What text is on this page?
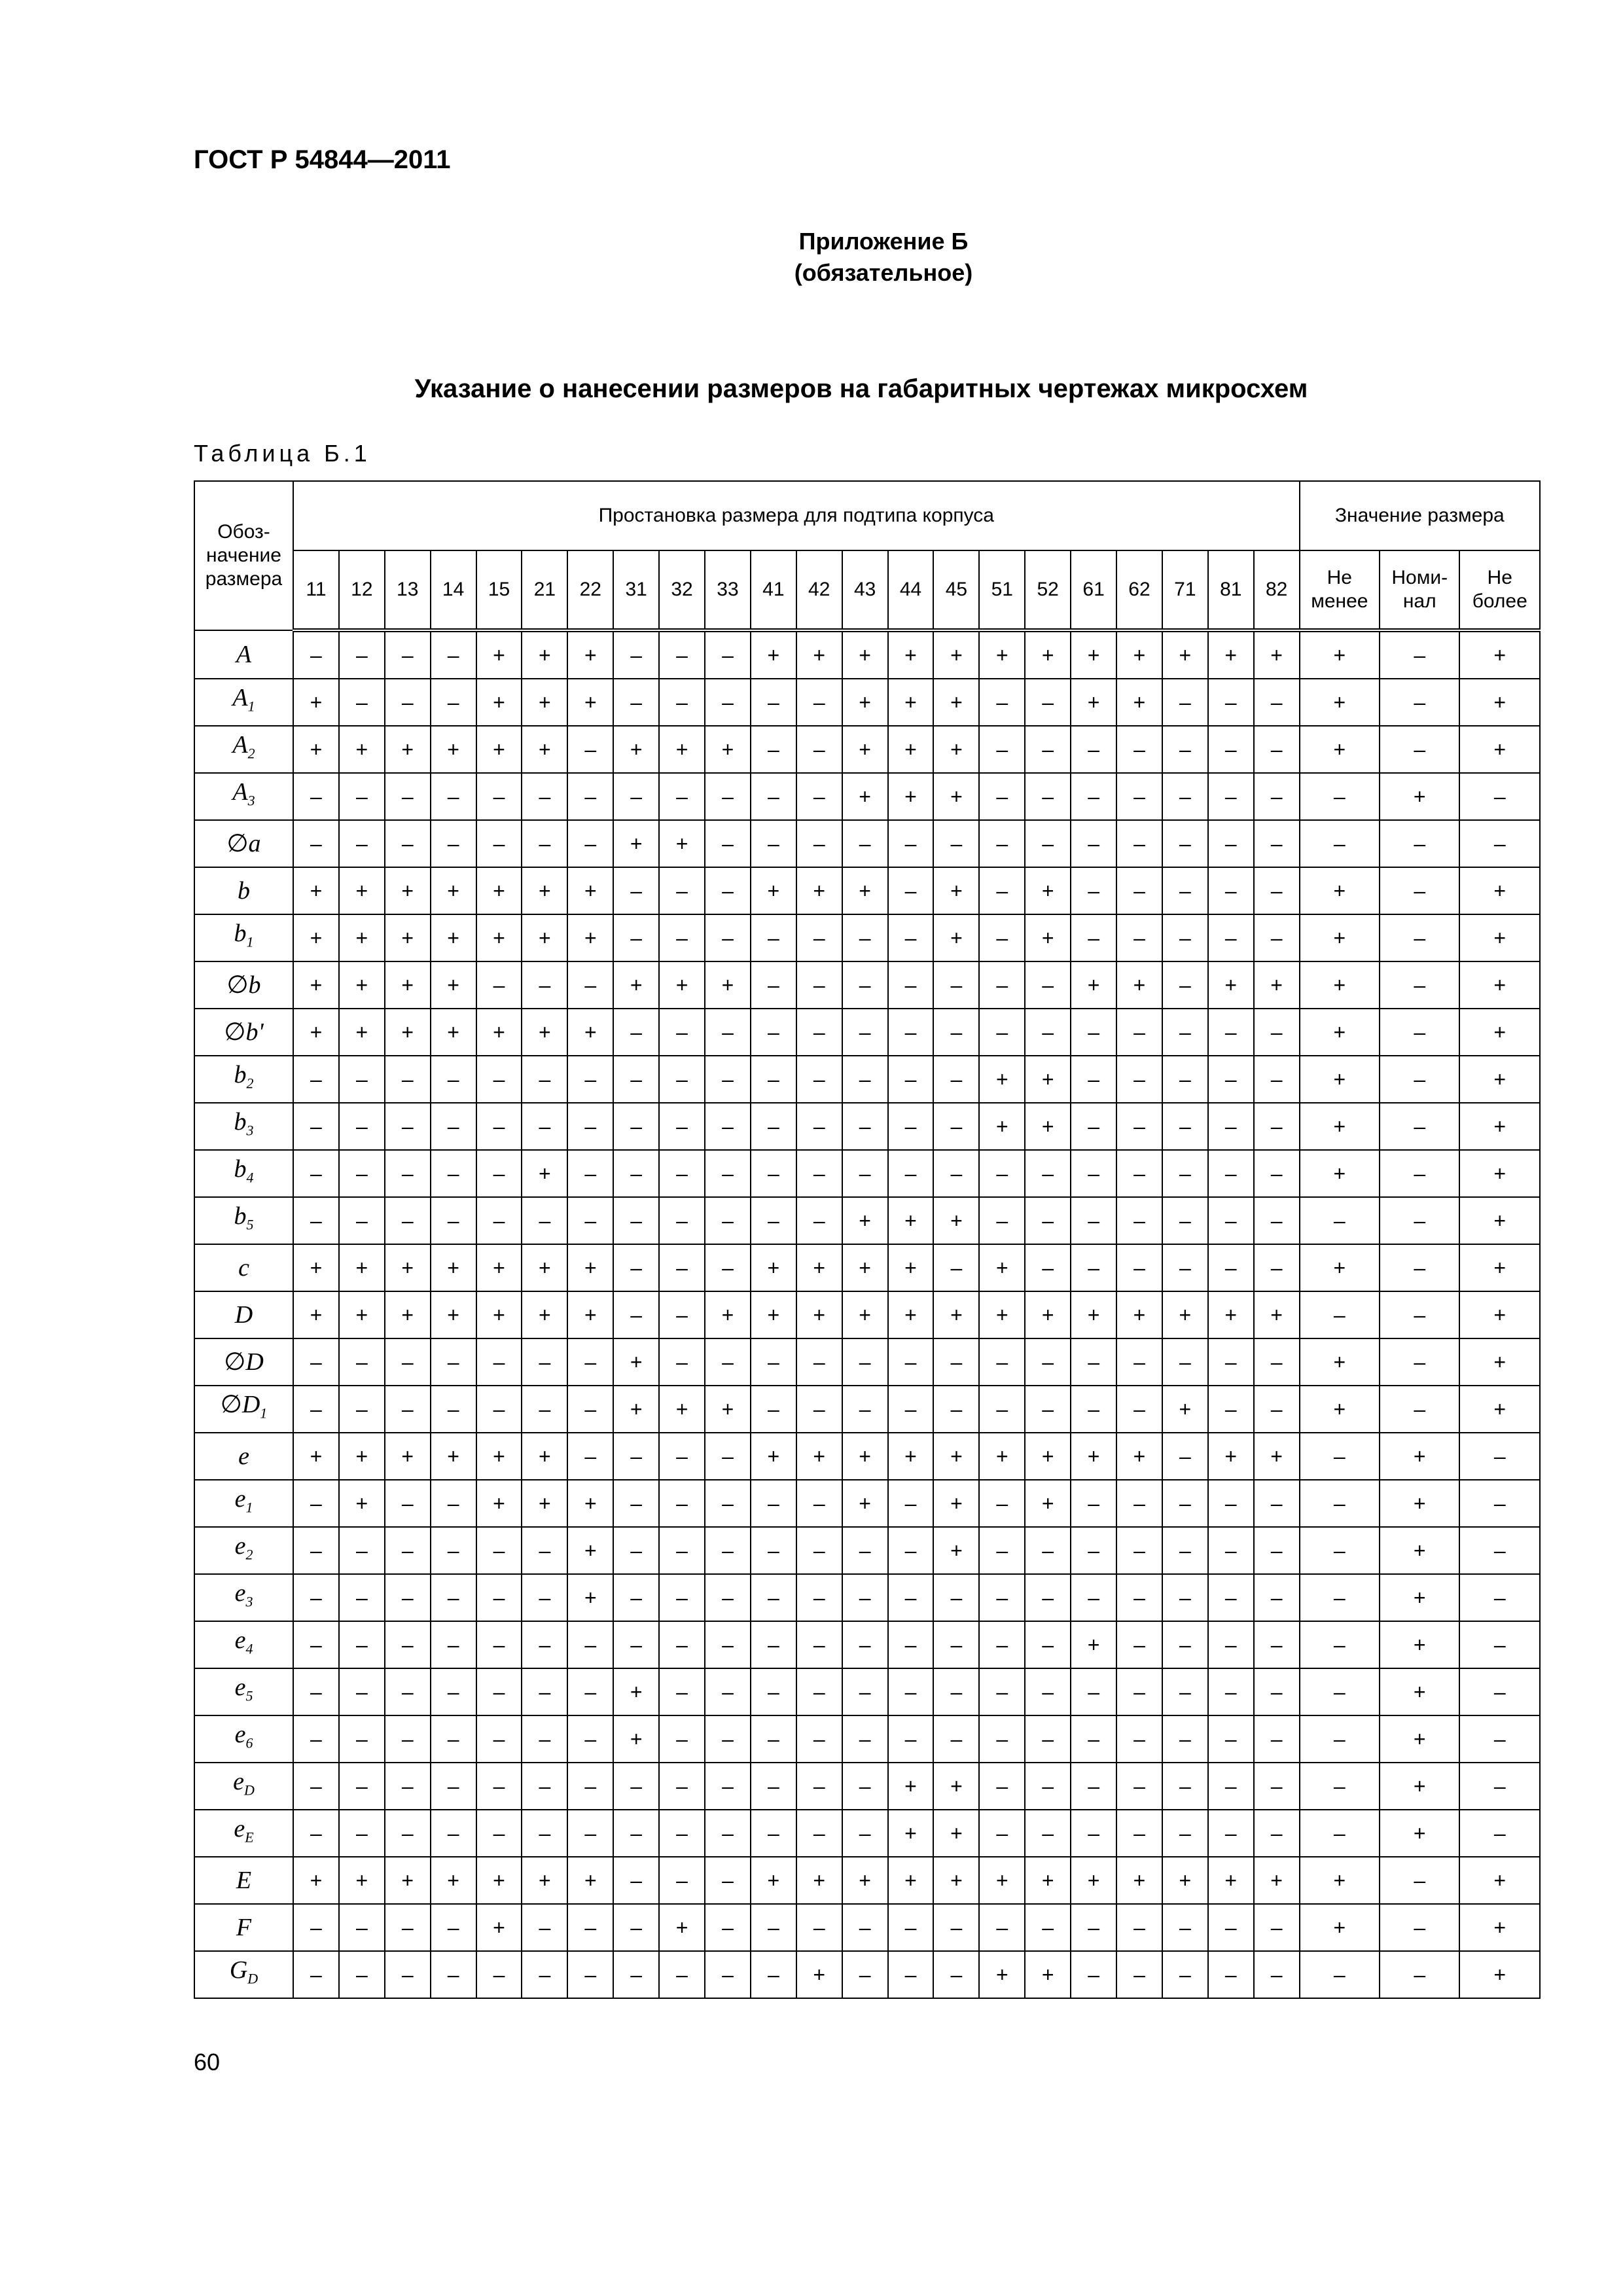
ГОСТ Р 54844—2011
Приложение Б
(обязательное)
Указание о нанесении размеров на габаритных чертежах микросхем
Таблица Б.1
Обоз-начение размера	Простановка размера для подтипа корпуса																						Значение размера		
	11	12	13	14	15	21	22	31	32	33	41	42	43	44	45	51	52	61	62	71	81	82	Не менее	Номи-нал	Не более
A	–	–	–	–	+	+	+	–	–	–	+	+	+	+	+	+	+	+	+	+	+	+	+	–	+
$A_1$	+	–	–	–	+	+	+	–	–	–	–	–	+	+	+	–	–	+	+	–	–	–	+	–	+
$A_2$	+	+	+	+	+	+	–	+	+	+	–	–	+	+	+	–	–	–	–	–	–	–	+	–	+
$A_3$	–	–	–	–	–	–	–	–	–	–	–	–	+	+	+	–	–	–	–	–	–	–	–	+	–
∅a	–	–	–	–	–	–	–	+	+	–	–	–	–	–	–	–	–	–	–	–	–	–	–	–	–
b	+	+	+	+	+	+	+	–	–	–	+	+	+	–	+	–	+	–	–	–	–	–	+	–	+
$b_1$	+	+	+	+	+	+	+	–	–	–	–	–	–	–	+	–	+	–	–	–	–	–	+	–	+
∅b	+	+	+	+	–	–	–	+	+	+	–	–	–	–	–	–	–	+	+	–	+	+	+	–	+
∅b'	+	+	+	+	+	+	+	–	–	–	–	–	–	–	–	–	–	–	–	–	–	–	+	–	+
$b_2$	–	–	–	–	–	–	–	–	–	–	–	–	–	–	–	+	+	–	–	–	–	–	+	–	+
$b_3$	–	–	–	–	–	–	–	–	–	–	–	–	–	–	–	+	+	–	–	–	–	–	+	–	+
$b_4$	–	–	–	–	–	+	–	–	–	–	–	–	–	–	–	–	–	–	–	–	–	–	+	–	+
$b_5$	–	–	–	–	–	–	–	–	–	–	–	–	+	+	+	–	–	–	–	–	–	–	–	–	+
c	+	+	+	+	+	+	+	–	–	–	+	+	+	+	–	+	–	–	–	–	–	–	+	–	+
D	+	+	+	+	+	+	+	–	–	+	+	+	+	+	+	+	+	+	+	+	+	+	–	–	+
∅D	–	–	–	–	–	–	–	+	–	–	–	–	–	–	–	–	–	–	–	–	–	–	+	–	+
$\emptyset D_1$	–	–	–	–	–	–	–	+	+	+	–	–	–	–	–	–	–	–	–	+	–	–	+	–	+
e	+	+	+	+	+	+	–	–	–	–	+	+	+	+	+	+	+	+	+	–	+	+	–	+	–
$e_1$	–	+	–	–	+	+	+	–	–	–	–	–	+	–	+	–	+	–	–	–	–	–	–	+	–
$e_2$	–	–	–	–	–	–	+	–	–	–	–	–	–	–	+	–	–	–	–	–	–	–	–	+	–
$e_3$	–	–	–	–	–	–	+	–	–	–	–	–	–	–	–	–	–	–	–	–	–	–	–	+	–
$e_4$	–	–	–	–	–	–	–	–	–	–	–	–	–	–	–	–	–	+	–	–	–	–	–	+	–
$e_5$	–	–	–	–	–	–	–	+	–	–	–	–	–	–	–	–	–	–	–	–	–	–	–	+	–
$e_6$	–	–	–	–	–	–	–	+	–	–	–	–	–	–	–	–	–	–	–	–	–	–	–	+	–
$e_D$	–	–	–	–	–	–	–	–	–	–	–	–	–	+	+	–	–	–	–	–	–	–	–	+	–
$e_E$	–	–	–	–	–	–	–	–	–	–	–	–	–	+	+	–	–	–	–	–	–	–	–	+	–
E	+	+	+	+	+	+	+	–	–	–	+	+	+	+	+	+	+	+	+	+	+	+	+	–	+
F	–	–	–	–	+	–	–	–	+	–	–	–	–	–	–	–	–	–	–	–	–	–	+	–	+
$G_D$	–	–	–	–	–	–	–	–	–	–	–	+	–	–	–	+	+	–	–	–	–	–	–	–	+
60
